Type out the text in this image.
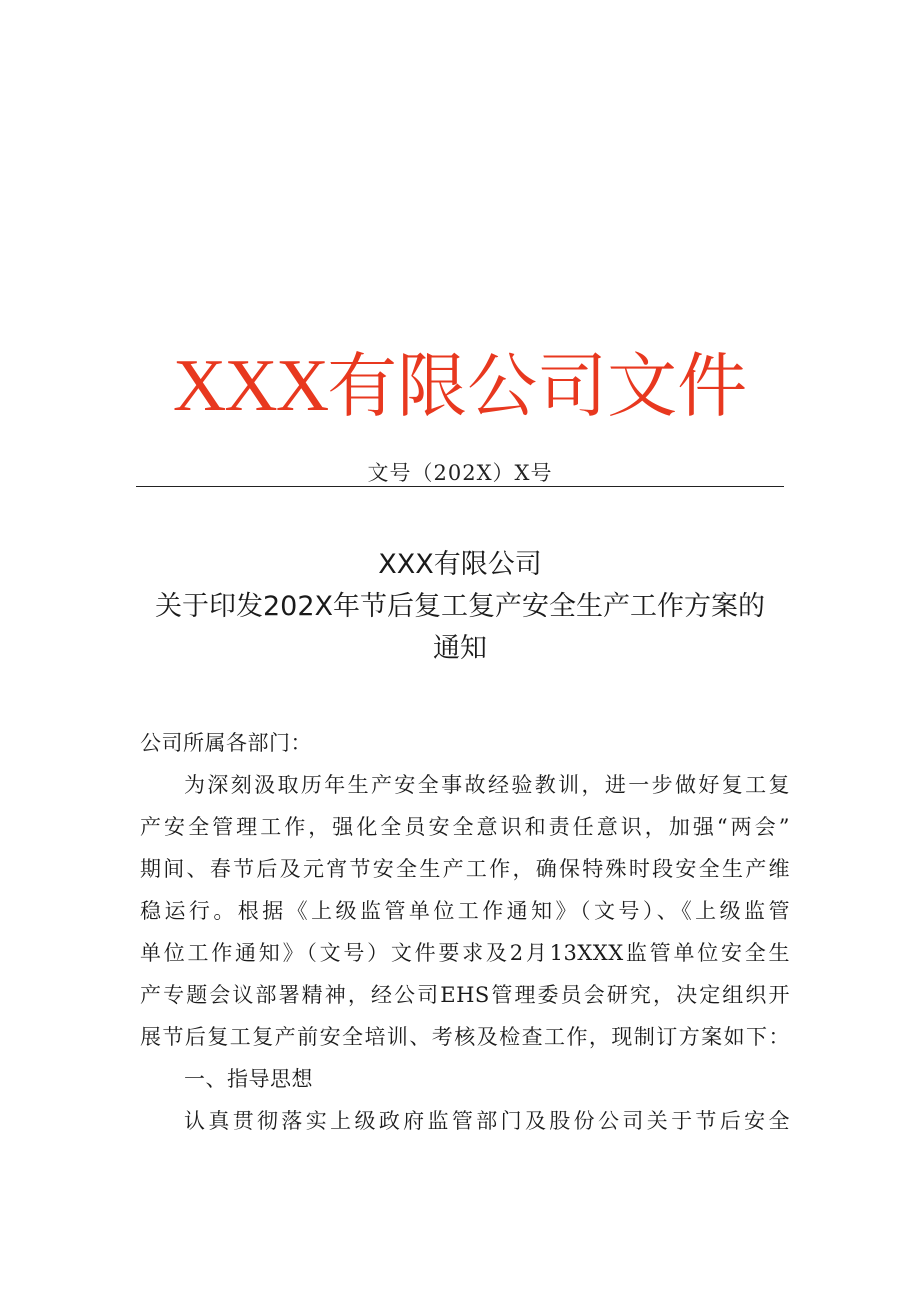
XXX有限公司文件
文号（202X）X号
XXX有限公司
关于印发202X年节后复工复产安全生产工作方案的
通知
公司所属各部门：
为深刻汲取历年生产安全事故经验教训，进一步做好复工复
产安全管理工作，强化全员安全意识和责任意识，加强“两会”
期间、春节后及元宵节安全生产工作，确保特殊时段安全生产维
稳运行。根据《上级监管单位工作通知》（文号）、《上级监管
单位工作通知》（文号）文件要求及2月13XXX监管单位安全生
产专题会议部署精神，经公司EHS管理委员会研究，决定组织开
展节后复工复产前安全培训、考核及检查工作，现制订方案如下：
一、指导思想
认真贯彻落实上级政府监管部门及股份公司关于节后安全
